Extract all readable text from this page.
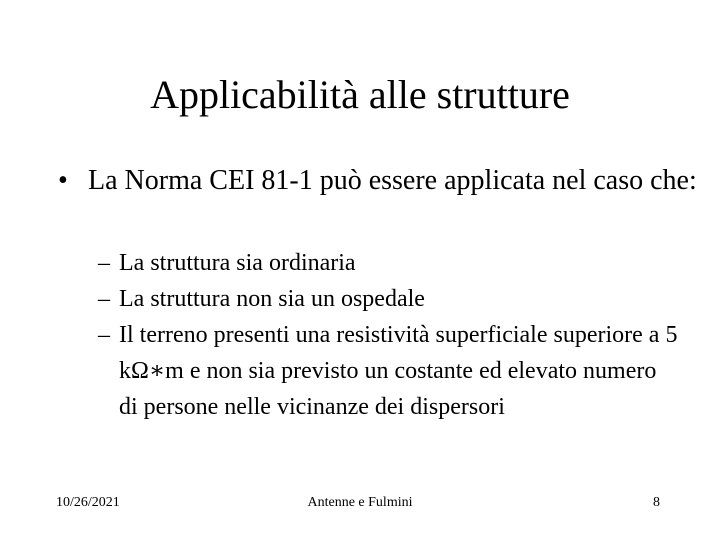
Applicabilità alle strutture
• La Norma CEI 81-1 può essere applicata nel caso che:
– La struttura sia ordinaria
– La struttura non sia un ospedale
– Il terreno presenti una resistività superficiale superiore a 5 kΩ∗m e non sia previsto un costante ed elevato numero di persone nelle vicinanze dei dispersori
10/26/2021	Antenne e Fulmini	8
